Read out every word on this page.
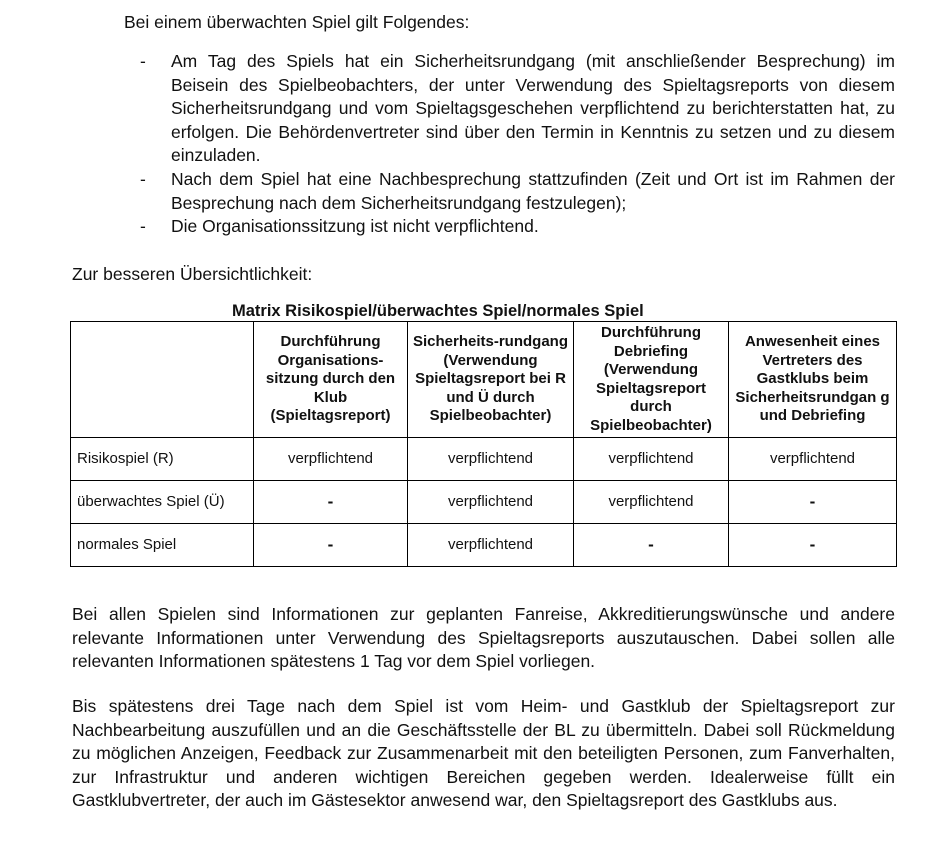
Bei einem überwachten Spiel gilt Folgendes:

- Am Tag des Spiels hat ein Sicherheitsrundgang (mit anschließender Besprechung) im Beisein des Spielbeobachters, der unter Verwendung des Spieltagsreports von diesem Sicherheitsrundgang und vom Spieltagsgeschehen verpflichtend zu berichterstatten hat, zu erfolgen. Die Behördenvertreter sind über den Termin in Kenntnis zu setzen und zu diesem einzuladen.
- Nach dem Spiel hat eine Nachbesprechung stattzufinden (Zeit und Ort ist im Rahmen der Besprechung nach dem Sicherheitsrundgang festzulegen);
- Die Organisationssitzung ist nicht verpflichtend.

Zur besseren Übersichtlichkeit:

Matrix Risikospiel/überwachtes Spiel/normales Spiel

	Durchführung Organisations-sitzung durch den Klub (Spieltagsreport)	Sicherheits-rundgang (Verwendung Spieltagsreport bei R und Ü durch Spielbeobachter)	Durchführung Debriefing (Verwendung Spieltagsreport durch Spielbeobachter)	Anwesenheit eines Vertreters des Gastklubs beim Sicherheitsrundgan g und Debriefing
Risikospiel (R)	verpflichtend	verpflichtend	verpflichtend	verpflichtend
überwachtes Spiel (Ü)	-	verpflichtend	verpflichtend	-
normales Spiel	-	verpflichtend	-	-

Bei allen Spielen sind Informationen zur geplanten Fanreise, Akkreditierungswünsche und andere relevante Informationen unter Verwendung des Spieltagsreports auszutauschen. Dabei sollen alle relevanten Informationen spätestens 1 Tag vor dem Spiel vorliegen.

Bis spätestens drei Tage nach dem Spiel ist vom Heim- und Gastklub der Spieltagsreport zur Nachbearbeitung auszufüllen und an die Geschäftsstelle der BL zu übermitteln. Dabei soll Rückmeldung zu möglichen Anzeigen, Feedback zur Zusammenarbeit mit den beteiligten Personen, zum Fanverhalten, zur Infrastruktur und anderen wichtigen Bereichen gegeben werden. Idealerweise füllt ein Gastklubvertreter, der auch im Gästesektor anwesend war, den Spieltagsreport des Gastklubs aus.
